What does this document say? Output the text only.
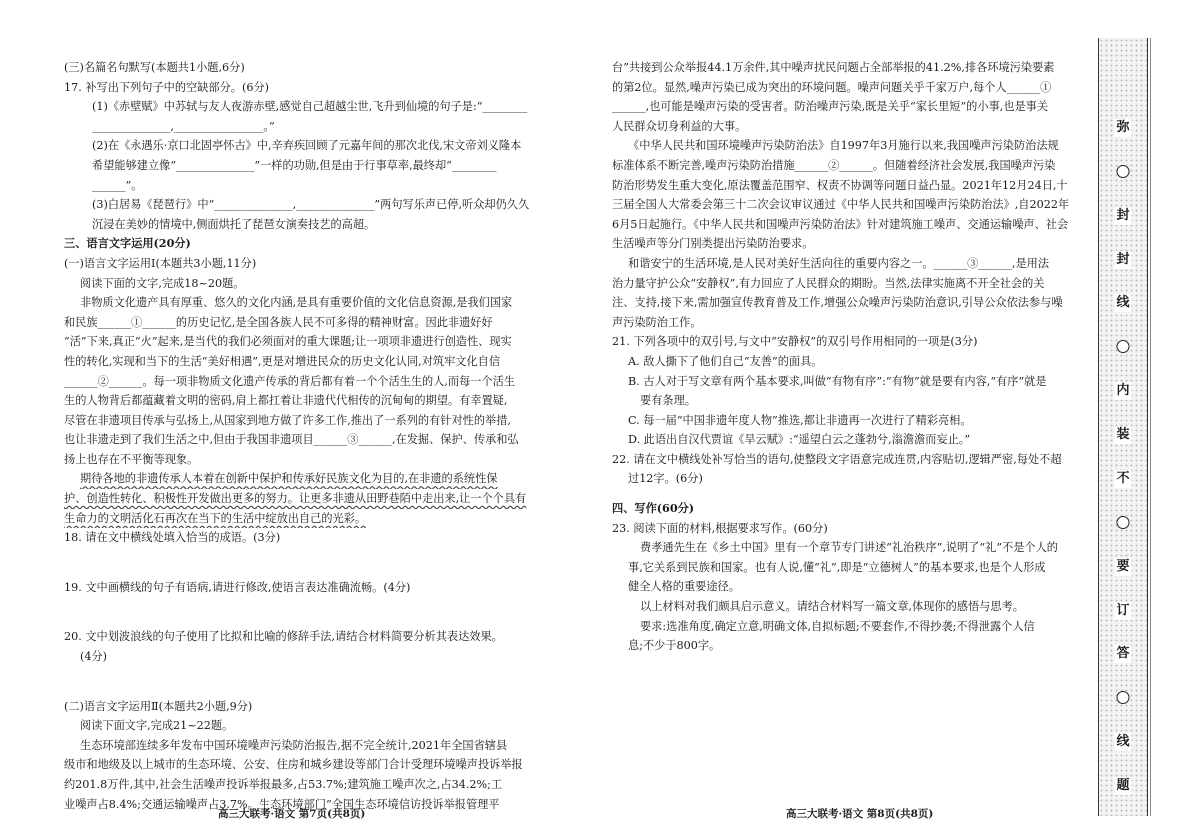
(三)名篇名句默写(本题共1小题,6分)
17. 补写出下列句子中的空缺部分。(6分)
(1)《赤壁赋》中苏轼与友人夜游赤壁,感觉自己超越尘世,飞升到仙境的句子是:“________
______________,________________。”
(2)在《永遇乐·京口北固亭怀古》中,辛弃疾回顾了元嘉年间的那次北伐,宋文帝刘义隆本
希望能够建立像“______________”一样的功勋,但是由于行事草率,最终却“________
______”。
(3)白居易《琵琶行》中“______________,______________”两句写乐声已停,听众却仍久久
沉浸在美妙的情境中,侧面烘托了琵琶女演奏技艺的高超。
三、语言文字运用(20分)
(一)语言文字运用Ⅰ(本题共3小题,11分)
阅读下面的文字,完成18~20题。
非物质文化遗产具有厚重、悠久的文化内涵,是具有重要价值的文化信息资源,是我们国家
和民族______①______的历史记忆,是全国各族人民不可多得的精神财富。因此非遗好好
“活”下来,真正“火”起来,是当代的我们必须面对的重大课题;让一项项非遗进行创造性、现实
性的转化,实现和当下的生活“美好相遇”,更是对增进民众的历史文化认同,对筑牢文化自信
______②______。每一项非物质文化遗产传承的背后都有着一个个活生生的人,而每一个活生
生的人物背后都蕴藏着文明的密码,肩上都扛着让非遗代代相传的沉甸甸的期望。有幸置疑,
尽管在非遗项目传承与弘扬上,从国家到地方做了许多工作,推出了一系列的有针对性的举措,
也让非遗走到了我们生活之中,但由于我国非遗项目______③______,在发掘、保护、传承和弘
扬上也存在不平衡等现象。
期待各地的非遗传承人本着在创新中保护和传承好民族文化为目的,在非遗的系统性保
护、创造性转化、积极性开发做出更多的努力。让更多非遗从田野巷陌中走出来,让一个个具有
生命力的文明活化石再次在当下的生活中绽放出自己的光彩。
18. 请在文中横线处填入恰当的成语。(3分)
19. 文中画横线的句子有语病,请进行修改,使语言表达准确流畅。(4分)
20. 文中划波浪线的句子使用了比拟和比喻的修辞手法,请结合材料简要分析其表达效果。
(4分)
(二)语言文字运用Ⅱ(本题共2小题,9分)
阅读下面文字,完成21~22题。
生态环境部连续多年发布中国环境噪声污染防治报告,据不完全统计,2021年全国省辖县
级市和地级及以上城市的生态环境、公安、住房和城乡建设等部门合计受理环境噪声投诉举报
约201.8万件,其中,社会生活噪声投诉举报最多,占53.7%;建筑施工噪声次之,占34.2%;工
业噪声占8.4%;交通运输噪声占3.7%。生态环境部门“全国生态环境信访投诉举报管理平
高三大联考·语文 第7页(共8页)
台”共接到公众举报44.1万余件,其中噪声扰民问题占全部举报的41.2%,排各环境污染要素
的第2位。显然,噪声污染已成为突出的环境问题。噪声问题关乎千家万户,每个人______①
______,也可能是噪声污染的受害者。防治噪声污染,既是关乎“家长里短”的小事,也是事关
人民群众切身利益的大事。
《中华人民共和国环境噪声污染防治法》自1997年3月施行以来,我国噪声污染防治法规
标准体系不断完善,噪声污染防治措施______②______。但随着经济社会发展,我国噪声污染
防治形势发生重大变化,原法覆盖范围窄、权责不协调等问题日益凸显。2021年12月24日,十
三届全国人大常委会第三十二次会议审议通过《中华人民共和国噪声污染防治法》,自2022年
6月5日起施行。《中华人民共和国噪声污染防治法》针对建筑施工噪声、交通运输噪声、社会
生活噪声等分门别类提出污染防治要求。
和谐安宁的生活环境,是人民对美好生活向往的重要内容之一。______③______,是用法
治力量守护公众“安静权”,有力回应了人民群众的期盼。当然,法律实施离不开全社会的关
注、支持,接下来,需加强宣传教育普及工作,增强公众噪声污染防治意识,引导公众依法参与噪
声污染防治工作。
21. 下列各项中的双引号,与文中“安静权”的双引号作用相同的一项是(3分)
A. 敌人撕下了他们自己“友善”的面具。
B. 古人对于写文章有两个基本要求,叫做“有物有序”:“有物”就是要有内容,“有序”就是
要有条理。
C. 每一届“中国非遗年度人物”推选,都让非遗再一次进行了精彩亮相。
D. 此语出自汉代贾谊《旱云赋》:“遥望白云之蓬勃兮,滃澹澹而妄止。”
22. 请在文中横线处补写恰当的语句,使整段文字语意完成连贯,内容贴切,逻辑严密,每处不超
过12字。(6分)
四、写作(60分)
23. 阅读下面的材料,根据要求写作。(60分)
费孝通先生在《乡土中国》里有一个章节专门讲述“礼治秩序”,说明了“礼”不是个人的
事,它关系到民族和国家。也有人说,懂“礼”,即是“立德树人”的基本要求,也是个人形成
健全人格的重要途径。
以上材料对我们颇具启示意义。请结合材料写一篇文章,体现你的感悟与思考。
要求:选准角度,确定立意,明确文体,自拟标题;不要套作,不得抄袭;不得泄露个人信
息;不少于800字。
高三大联考·语文 第8页(共8页)
弥
封
封
线
内
装
不
要
订
答
线
题
